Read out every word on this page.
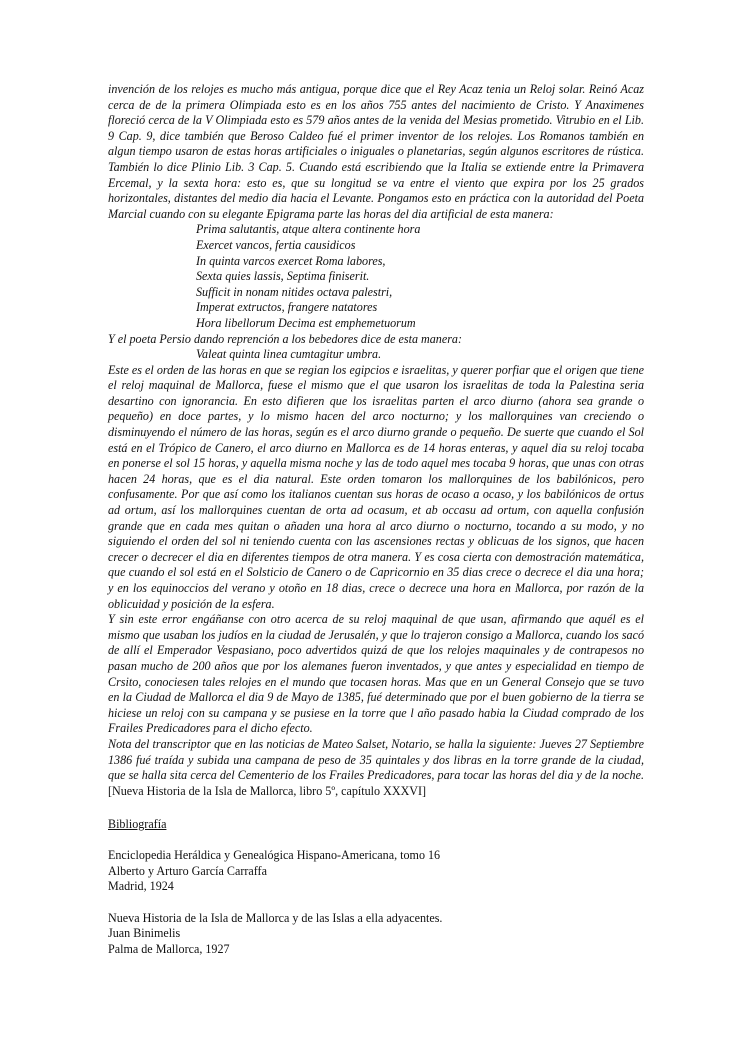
invención de los relojes es mucho más antigua, porque dice que el Rey Acaz tenia un Reloj solar. Reinó Acaz cerca de de la primera Olimpiada esto es en los años 755 antes del nacimiento de Cristo. Y Anaximenes floreció cerca de la V Olimpiada esto es 579 años antes de la venida del Mesias prometido. Vitrubio en el Lib. 9 Cap. 9, dice también que Beroso Caldeo fué el primer inventor de los relojes. Los Romanos también en algun tiempo usaron de estas horas artificiales o iniguales o planetarias, según algunos escritores de rústica. También lo dice Plinio Lib. 3 Cap. 5. Cuando está escribiendo que la Italia se extiende entre la Primavera Ercemal, y la sexta hora: esto es, que su longitud se va entre el viento que expira por los 25 grados horizontales, distantes del medio dia hacia el Levante. Pongamos esto en práctica con la autoridad del Poeta Marcial cuando con su elegante Epigrama parte las horas del dia artificial de esta manera:

Prima salutantis, atque altera continente hora
Exercet vancos, fertia causidicos
In quinta varcos exercet Roma labores,
Sexta quies lassis, Septima finiserit.
Sufficit in nonam nitides octava palestri,
Imperat extructos, frangere natatores
Hora libellorum Decima est emphemetuorum

Y el poeta Persio dando reprención a los bebedores dice de esta manera:

Valeat quinta linea cumtagitur umbra.

Este es el orden de las horas en que se regian los egipcios e israelitas, y querer porfiar que el origen que tiene el reloj maquinal de Mallorca, fuese el mismo que el que usaron los israelitas de toda la Palestina seria desartino con ignorancia. En esto difieren que los israelitas parten el arco diurno (ahora sea grande o pequeño) en doce partes, y lo mismo hacen del arco nocturno; y los mallorquines van creciendo o disminuyendo el número de las horas, según es el arco diurno grande o pequeño. De suerte que cuando el Sol está en el Trópico de Canero, el arco diurno en Mallorca es de 14 horas enteras, y aquel dia su reloj tocaba en ponerse el sol 15 horas, y aquella misma noche y las de todo aquel mes tocaba 9 horas, que unas con otras hacen 24 horas, que es el dia natural. Este orden tomaron los mallorquines de los babilónicos, pero confusamente. Por que así como los italianos cuentan sus horas de ocaso a ocaso, y los babilónicos de ortus ad ortum, así los mallorquines cuentan de orta ad ocasum, et ab occasu ad ortum, con aquella confusión grande que en cada mes quitan o añaden una hora al arco diurno o nocturno, tocando a su modo, y no siguiendo el orden del sol ni teniendo cuenta con las ascensiones rectas y oblicuas de los signos, que hacen crecer o decrecer el dia en diferentes tiempos de otra manera. Y es cosa cierta con demostración matemática, que cuando el sol está en el Solsticio de Canero o de Capricornio en 35 dias crece o decrece el dia una hora; y en los equinoccios del verano y otoño en 18 dias, crece o decrece una hora en Mallorca, por razón de la oblicuidad y posición de la esfera.

Y sin este error engáñanse con otro acerca de su reloj maquinal de que usan, afirmando que aquél es el mismo que usaban los judíos en la ciudad de Jerusalén, y que lo trajeron consigo a Mallorca, cuando los sacó de allí el Emperador Vespasiano, poco advertidos quizá de que los relojes maquinales y de contrapesos no pasan mucho de 200 años que por los alemanes fueron inventados, y que antes y especialidad en tiempo de Crsito, conociesen tales relojes en el mundo que tocasen horas. Mas que en un General Consejo que se tuvo en la Ciudad de Mallorca el dia 9 de Mayo de 1385, fué determinado que por el buen gobierno de la tierra se hiciese un reloj con su campana y se pusiese en la torre que l año pasado habia la Ciudad comprado de los Frailes Predicadores para el dicho efecto.

Nota del transcriptor que en las noticias de Mateo Salset, Notario, se halla la siguiente: Jueves 27 Septiembre 1386 fué traída y subida una campana de peso de 35 quintales y dos libras en la torre grande de la ciudad, que se halla sita cerca del Cementerio de los Frailes Predicadores, para tocar las horas del dia y de la noche. [Nueva Historia de la Isla de Mallorca, libro 5º, capítulo XXXVI]

Bibliografía
Enciclopedia Heráldica y Genealógica Hispano-Americana, tomo 16
Alberto y Arturo García Carraffa
Madrid, 1924
Nueva Historia de la Isla de Mallorca y de las Islas a ella adyacentes.
Juan Binimelis
Palma de Mallorca, 1927
